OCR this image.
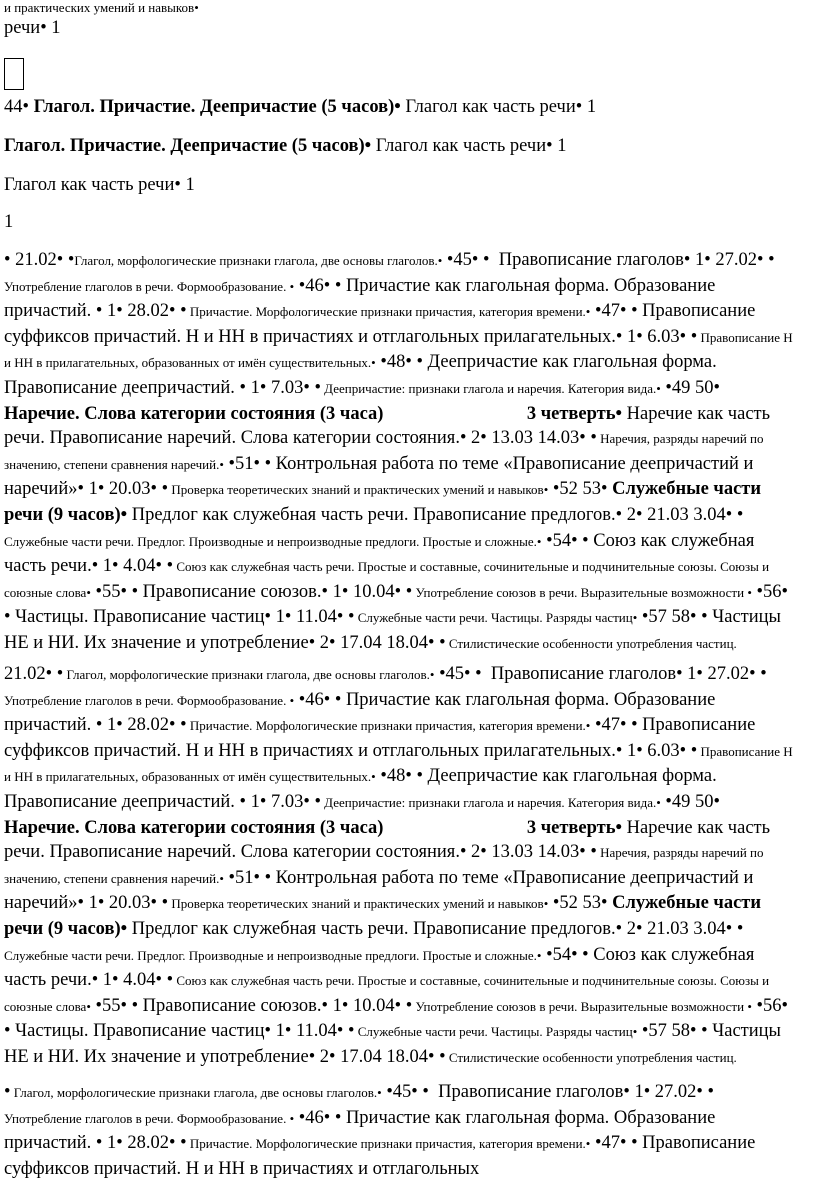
и практических умений и навыков•
речи• 1
44• Глагол. Причастие. Деепричастие (5 часов)• Глагол как часть речи• 1
Глагол. Причастие. Деепричастие (5 часов)• Глагол как часть речи• 1
Глагол как часть речи• 1
1
• 21.02• •Глагол, морфологические признаки глагола, две основы глаголов.• •45• •  Правописание глаголов• 1• 27.02• • Употребление глаголов в речи. Формообразование. • •46• • Причастие как глагольная форма. Образование причастий. • 1• 28.02• • Причастие. Морфологические признаки причастия, категория времени.• •47• • Правописание суффиксов причастий. Н и НН в причастиях и отглагольных прилагательных.• 1• 6.03• • Правописание Н и НН в прилагательных, образованных от имён существительных.• •48• • Деепричастие как глагольная форма. Правописание деепричастий. • 1• 7.03• • Деепричастие: признаки глагола и наречия. Категория вида.• •49 50• Наречие. Слова категории состояния (3 часа)	3 четверть• Наречие как часть речи. Правописание наречий. Слова категории состояния.• 2• 13.03 14.03• • Наречия, разряды наречий по значению, степени сравнения наречий.• •51• • Контрольная работа по теме «Правописание деепричастий и наречий»• 1• 20.03• • Проверка теоретических знаний и практических умений и навыков• •52 53• Служебные части речи (9 часов)• Предлог как служебная часть речи. Правописание предлогов.• 2• 21.03 3.04• • Служебные части речи. Предлог. Производные и непроизводные предлоги. Простые и сложные.• •54• • Союз как служебная часть речи.• 1• 4.04• • Союз как служебная часть речи. Простые и составные, сочинительные и подчинительные союзы. Союзы и союзные слова• •55• • Правописание союзов.• 1• 10.04• • Употребление союзов в речи. Выразительные возможности • •56• • Частицы. Правописание частиц• 1• 11.04• • Служебные части речи. Частицы. Разряды частиц• •57 58• • Частицы НЕ и НИ. Их значение и употребление• 2• 17.04 18.04• • Стилистические особенности употребления частиц.
21.02• • Глагол, морфологические признаки глагола, две основы глаголов.• •45• •  Правописание глаголов• 1• 27.02• • Употребление глаголов в речи. Формообразование. • •46• • Причастие как глагольная форма. Образование причастий. • 1• 28.02• • Причастие. Морфологические признаки причастия, категория времени.• •47• • Правописание суффиксов причастий. Н и НН в причастиях и отглагольных прилагательных.• 1• 6.03• • Правописание Н и НН в прилагательных, образованных от имён существительных.• •48• • Деепричастие как глагольная форма. Правописание деепричастий. • 1• 7.03• • Деепричастие: признаки глагола и наречия. Категория вида.• •49 50• Наречие. Слова категории состояния (3 часа)	3 четверть• Наречие как часть речи. Правописание наречий. Слова категории состояния.• 2• 13.03 14.03• • Наречия, разряды наречий по значению, степени сравнения наречий.• •51• • Контрольная работа по теме «Правописание деепричастий и наречий»• 1• 20.03• • Проверка теоретических знаний и практических умений и навыков• •52 53• Служебные части речи (9 часов)• Предлог как служебная часть речи. Правописание предлогов.• 2• 21.03 3.04• • Служебные части речи. Предлог. Производные и непроизводные предлоги. Простые и сложные.• •54• • Союз как служебная часть речи.• 1• 4.04• • Союз как служебная часть речи. Простые и составные, сочинительные и подчинительные союзы. Союзы и союзные слова• •55• • Правописание союзов.• 1• 10.04• • Употребление союзов в речи. Выразительные возможности • •56• • Частицы. Правописание частиц• 1• 11.04• • Служебные части речи. Частицы. Разряды частиц• •57 58• • Частицы НЕ и НИ. Их значение и употребление• 2• 17.04 18.04• • Стилистические особенности употребления частиц.
• Глагол, морфологические признаки глагола, две основы глаголов.• •45• •  Правописание глаголов• 1• 27.02• • Употребление глаголов в речи. Формообразование. • •46• • Причастие как глагольная форма. Образование причастий. • 1• 28.02• • Причастие. Морфологические признаки причастия, категория времени.• •47• • Правописание суффиксов причастий. Н и НН в причастиях и отглагольных
